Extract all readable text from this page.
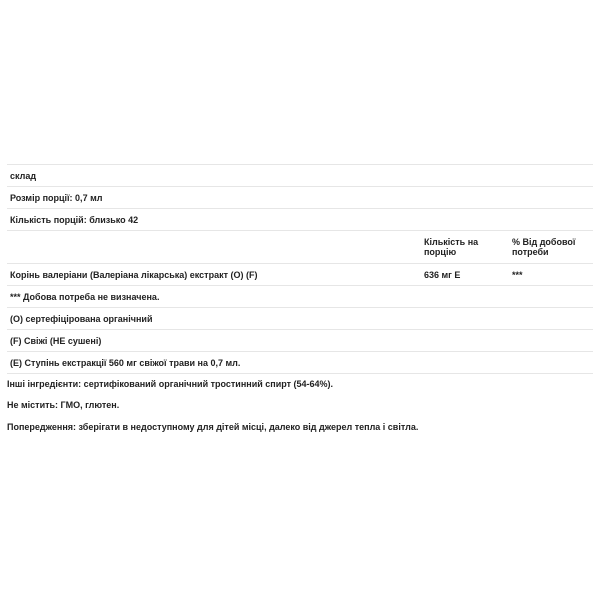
склад		
Розмір порції: 0,7 мл		
Кількість порцій: близько 42		
	Кількість на порцію	% Від добової потреби
Корінь валеріани (Валеріана лікарська) екстракт (О) (F)	636 мг E	***
*** Добова потреба не визначена.		
(О) сертефіцірована органічний		
(F) Свіжі (НЕ сушені)		
(E) Ступінь екстракції 560 мг свіжої трави на 0,7 мл.		
Інші інгредієнти: сертифікований органічний тростинний спирт (54-64%).
Не містить: ГМО, глютен.
Попередження: зберігати в недоступному для дітей місці, далеко від джерел тепла і світла.
